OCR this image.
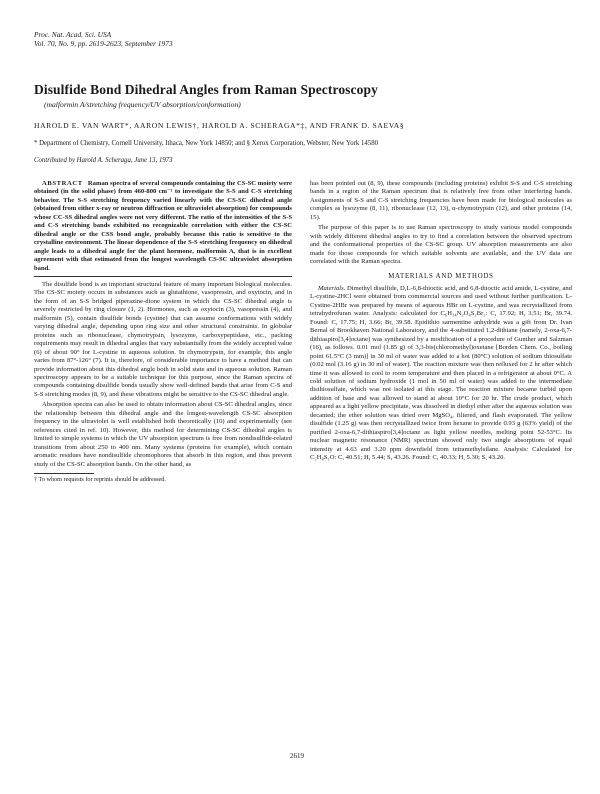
Proc. Nat. Acad. Sci. USA
Vol. 70, No. 9, pp. 2619-2623, September 1973
Disulfide Bond Dihedral Angles from Raman Spectroscopy
(malformin A/stretching frequency/UV absorption/conformation)
HAROLD E. VAN WART*, AARON LEWIS†, HAROLD A. SCHERAGA*‡, AND FRANK D. SAEVA§
* Department of Chemistry, Cornell University, Ithaca, New York 14850; and § Xerox Corporation, Webster, New York 14580
Contributed by Harold A. Scheraga, June 13, 1973

ABSTRACT Raman spectra of several compounds containing the CS-SC moiety were obtained (in the solid phase) from 460-800 cm⁻¹ to investigate the S-S and C-S stretching behavior. The S-S stretching frequency varied linearly with the CS-SC dihedral angle (obtained from either x-ray or neutron diffraction or ultraviolet absorption) for compounds whose CC-SS dihedral angles were not very different. The ratio of the intensities of the S-S and C-S stretching bands exhibited no recognizable correlation with either the CS-SC dihedral angle or the CSS bond angle, probably because this ratio is sensitive to the crystalline environment. The linear dependence of the S-S stretching frequency on dihedral angle leads to a dihedral angle for the plant hormone, malformin A, that is in excellent agreement with that estimated from the longest wavelength CS-SC ultraviolet absorption band.

The disulfide bond is an important structural feature of many important biological molecules. The CS-SC moiety occurs in substances such as glutathione, vasopressin, and oxytocin, and in the form of an S-S bridged piperazine-dione system in which the CS-SC dihedral angle is severely restricted by ring closure (1, 2). Hormones, such as oxytocin (3), vasopressin (4), and malformin (5), contain disulfide bonds (cystine) that can assume conformations with widely varying dihedral angle, depending upon ring size and other structural constraints. In globular proteins such as ribonuclease, chymotrypsin, lysozyme, carboxypeptidase, etc., packing requirements may result in dihedral angles that vary substantially from the widely accepted value (6) of about 90° for L-cystine in aqueous solution. In chymotrypsin, for example, this angle varies from 87°-126° (7). It is, therefore, of considerable importance to have a method that can provide information about this dihedral angle both in solid state and in aqueous solution. Raman spectroscopy appears to be a suitable technique for this purpose, since the Raman spectra of compounds containing disulfide bonds usually show well-defined bands that arise from C-S and S-S stretching modes (8, 9), and these vibrations might be sensitive to the CS-SC dihedral angle.

Absorption spectra can also be used to obtain information about CS-SC dihedral angles, since the relationship between this dihedral angle and the longest-wavelength CS-SC absorption frequency in the ultraviolet is well established both theoretically (10) and experimentally (see references cited in ref. 10). However, this method for determining CS-SC dihedral angles is limited to simple systems in which the UV absorption spectrum is free from nondisulfide-related transitions from about 250 to 400 nm. Many systems (proteins for example), which contain aromatic residues have nondisulfide chromophores that absorb in this region, and thus prevent study of the CS-SC absorption bands. On the other hand, as

† To whom requests for reprints should be addressed.

has been pointed out (8, 9), these compounds (including proteins) exhibit S-S and C-S stretching bands in a region of the Raman spectrum that is relatively free from other interfering bands. Assignments of S-S and C-S stretching frequencies have been made for biological molecules as complex as lysozyme (8, 11), ribonuclease (12, 13), α-chymotrypsin (12), and other proteins (14, 15).

The purpose of this paper is to use Raman spectroscopy to study various model compounds with widely different dihedral angles to try to find a correlation between the observed spectrum and the conformational properties of the CS-SC group. UV absorption measurements are also made for those compounds for which suitable solvents are available, and the UV data are correlated with the Raman spectra.

MATERIALS AND METHODS

Materials. Dimethyl disulfide, D,L-6,8-thioctic acid, and 6,8-thioctic acid amide, L-cystine, and L-cystine-2HCl were obtained from commercial sources and used without further purification. L-Cystine-2HBr was prepared by means of aqueous HBr on L-cystine, and was recrystallized from tetrahydrofuran water. Analysis: calculated for C₆H₁₄N₂O₄S₂Br₂: C, 17.92; H, 3.51; Br, 39.74. Found: C, 17.75; H, 3.66; Br, 39.58. Epidithio sarmentine anhydride was a gift from Dr. Ivan Bernal of Brookhaven National Laboratory, and the 4-substituted 1,2-dithiane (namely, 2-oxa-6,7-dithiaspiro[3,4]octane) was synthesized by a modification of a procedure of Gunther and Salzman (16), as follows. 0.01 mol (1.85 g) of 3,3-bis(chloromethyl)oxetane [Borden Chem. Co., boiling point 61.5°C (3 mm)] in 30 ml of water was added to a hot (80°C) solution of sodium thiosulfate (0.02 mol (3.16 g) in 30 ml of water). The reaction mixture was then refluxed for 2 hr after which time it was allowed to cool to room temperature and then placed in a refrigerator at about 0°C. A cold solution of sodium hydroxide (1 mol in 50 ml of water) was added to the intermediate disthiosulfate, which was not isolated at this stage. The reaction mixture became turbid upon addition of base and was allowed to stand at about 10°C for 20 hr. The crude product, which appeared as a light yellow precipitate, was dissolved in diethyl ether after the aqueous solution was decanted; the ether solution was dried over MgSO₄, filtered, and flash evaporated. The yellow disulfide (1.25 g) was then recrystallized twice from hexane to provide 0.93 g (63% yield) of the purified 2-oxa-6,7-dithiaspiro[3,4]octane as light yellow needles, melting point 52-53°C. Its nuclear magnetic resonance (NMR) spectrum showed only two single absorptions of equal intensity at 4.63 and 3.20 ppm downfield from tetramethylsilane. Analysis: Calculated for C₅H₈S₂O: C, 40.51; H, 5.44; S, 43.26. Found: C, 40.33; H, 5.30; S, 43.20.

2619
